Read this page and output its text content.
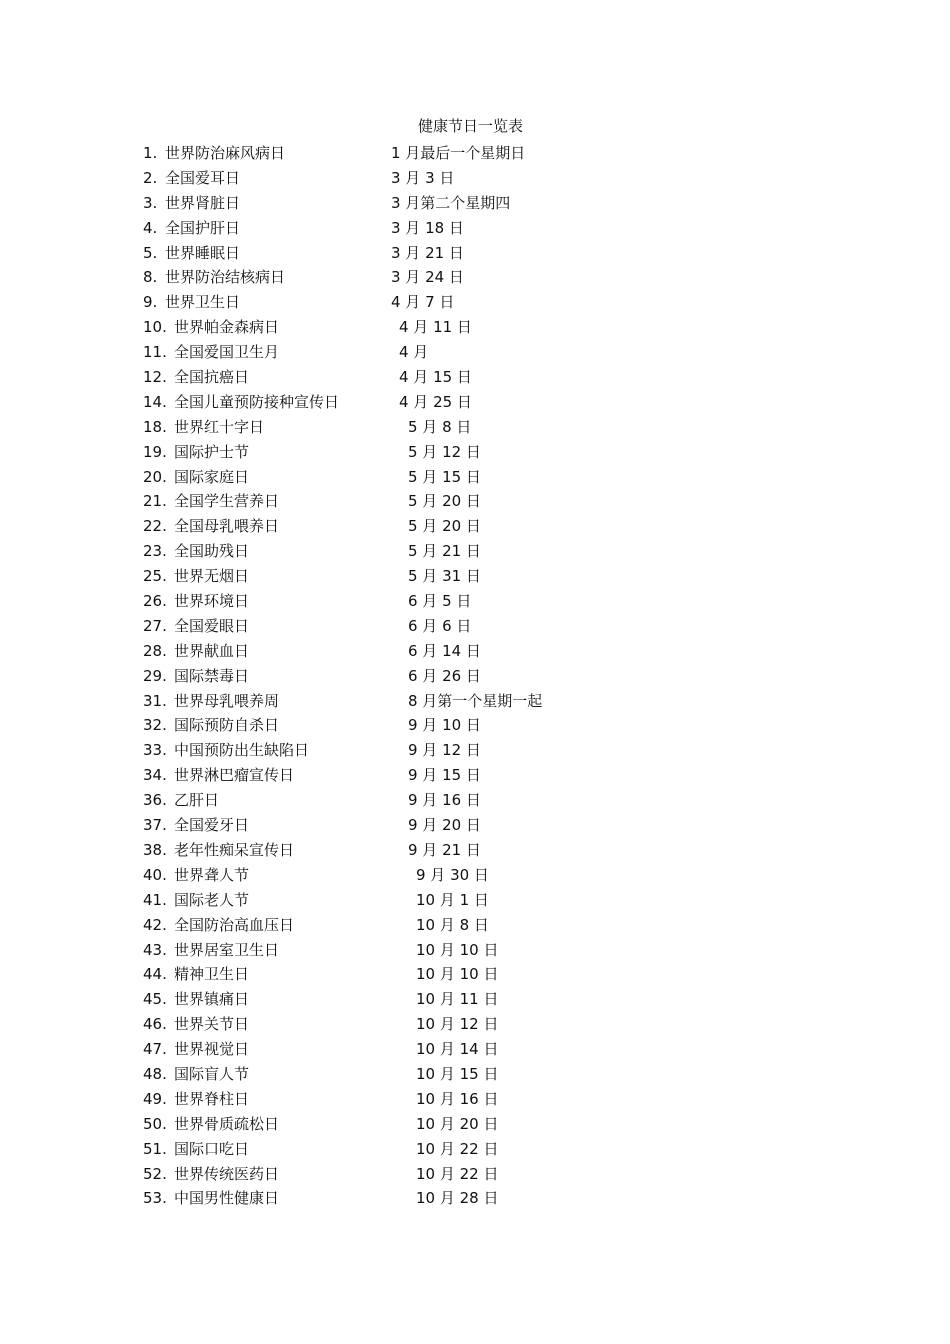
健康节日一览表
1. 世界防治麻风病日	1 月最后一个星期日
2. 全国爱耳日	3 月 3 日
3. 世界肾脏日	3 月第二个星期四
4. 全国护肝日	3 月 18 日
5. 世界睡眠日	3 月 21 日
8. 世界防治结核病日	3 月 24 日
9. 世界卫生日	4 月 7 日
10. 世界帕金森病日	4 月 11 日
11. 全国爱国卫生月	4 月
12. 全国抗癌日	4 月 15 日
14. 全国儿童预防接种宣传日	4 月 25 日
18. 世界红十字日	5 月 8 日
19. 国际护士节	5 月 12 日
20. 国际家庭日	5 月 15 日
21. 全国学生营养日	5 月 20 日
22. 全国母乳喂养日	5 月 20 日
23. 全国助残日	5 月 21 日
25. 世界无烟日	5 月 31 日
26. 世界环境日	6 月 5 日
27. 全国爱眼日	6 月 6 日
28. 世界献血日	6 月 14 日
29. 国际禁毒日	6 月 26 日
31. 世界母乳喂养周	8 月第一个星期一起
32. 国际预防自杀日	9 月 10 日
33. 中国预防出生缺陷日	9 月 12 日
34. 世界淋巴瘤宣传日	9 月 15 日
36. 乙肝日	9 月 16 日
37. 全国爱牙日	9 月 20 日
38. 老年性痴呆宣传日	9 月 21 日
40. 世界聋人节	9 月 30 日
41. 国际老人节	10 月 1 日
42. 全国防治高血压日	10 月 8 日
43. 世界居室卫生日	10 月 10 日
44. 精神卫生日	10 月 10 日
45. 世界镇痛日	10 月 11 日
46. 世界关节日	10 月 12 日
47. 世界视觉日	10 月 14 日
48. 国际盲人节	10 月 15 日
49. 世界脊柱日	10 月 16 日
50. 世界骨质疏松日	10 月 20 日
51. 国际口吃日	10 月 22 日
52. 世界传统医药日	10 月 22 日
53. 中国男性健康日	10 月 28 日
